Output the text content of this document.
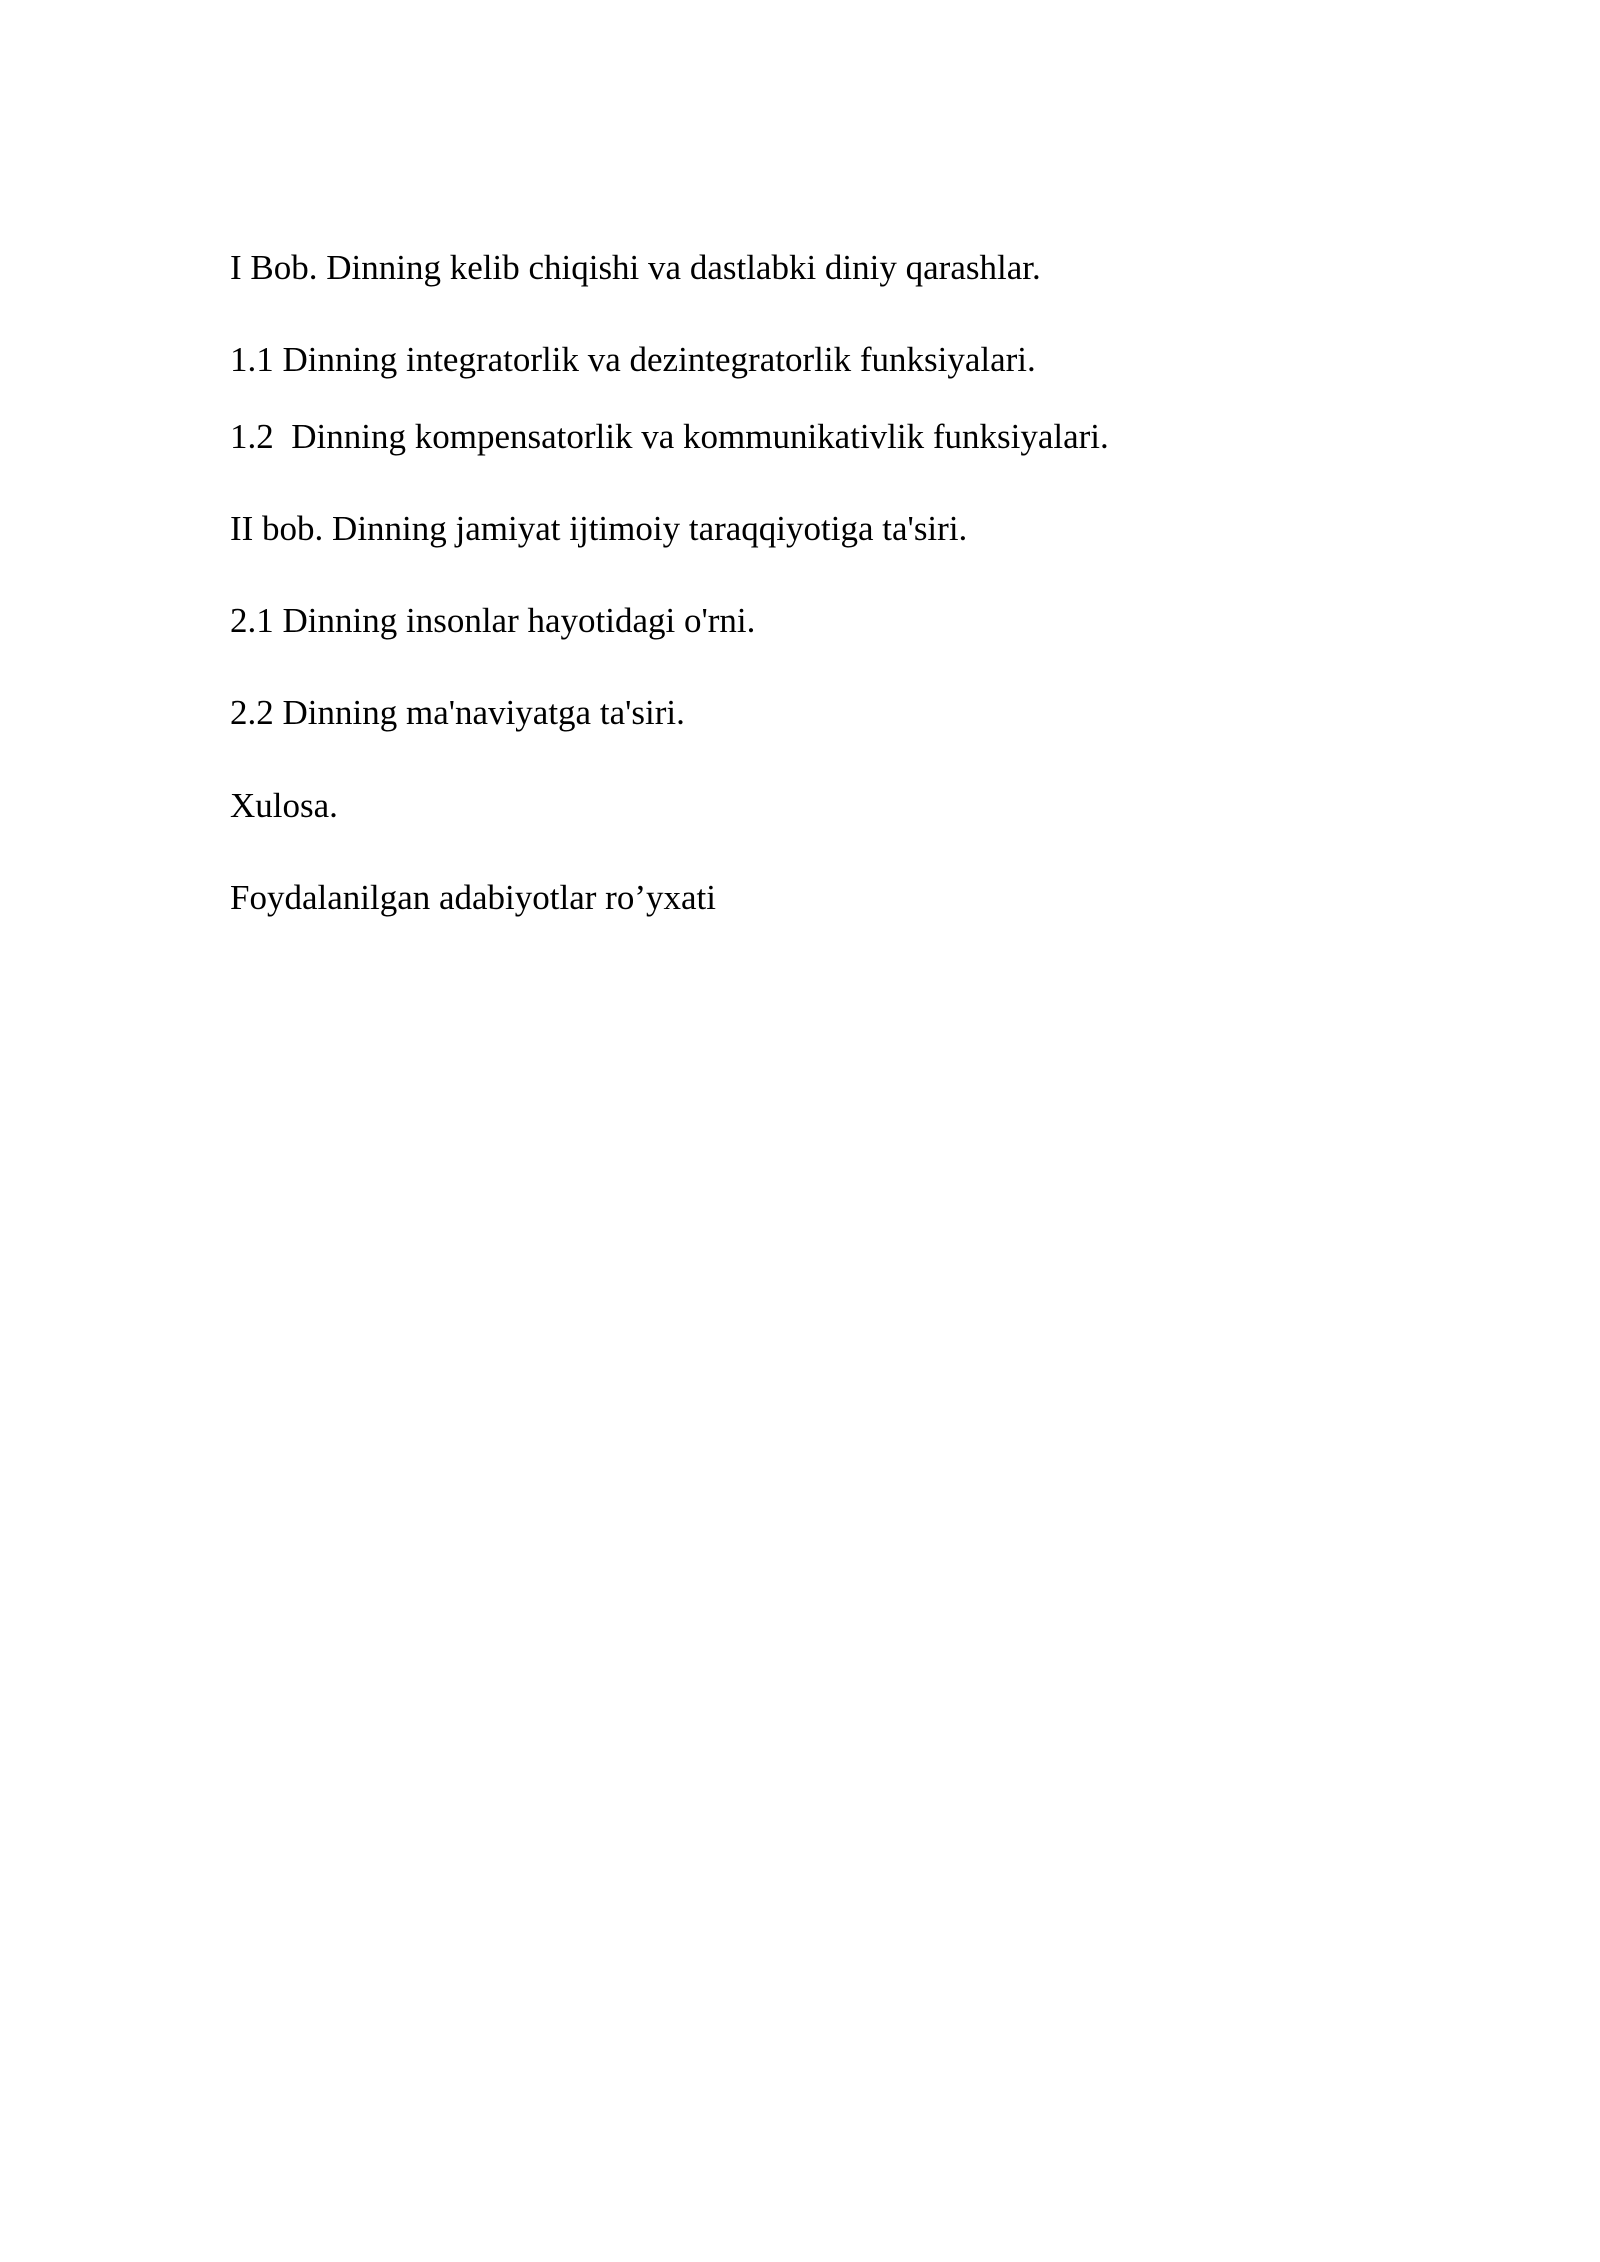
I Bob. Dinning kelib chiqishi va dastlabki diniy qarashlar.

1.1 Dinning integratorlik va dezintegratorlik funksiyalari.

1.2  Dinning kompensatorlik va kommunikativlik funksiyalari.

II bob. Dinning jamiyat ijtimoiy taraqqiyotiga ta'siri.

2.1 Dinning insonlar hayotidagi o'rni.

2.2 Dinning ma'naviyatga ta'siri.

Xulosa.

Foydalanilgan adabiyotlar ro’yxati
